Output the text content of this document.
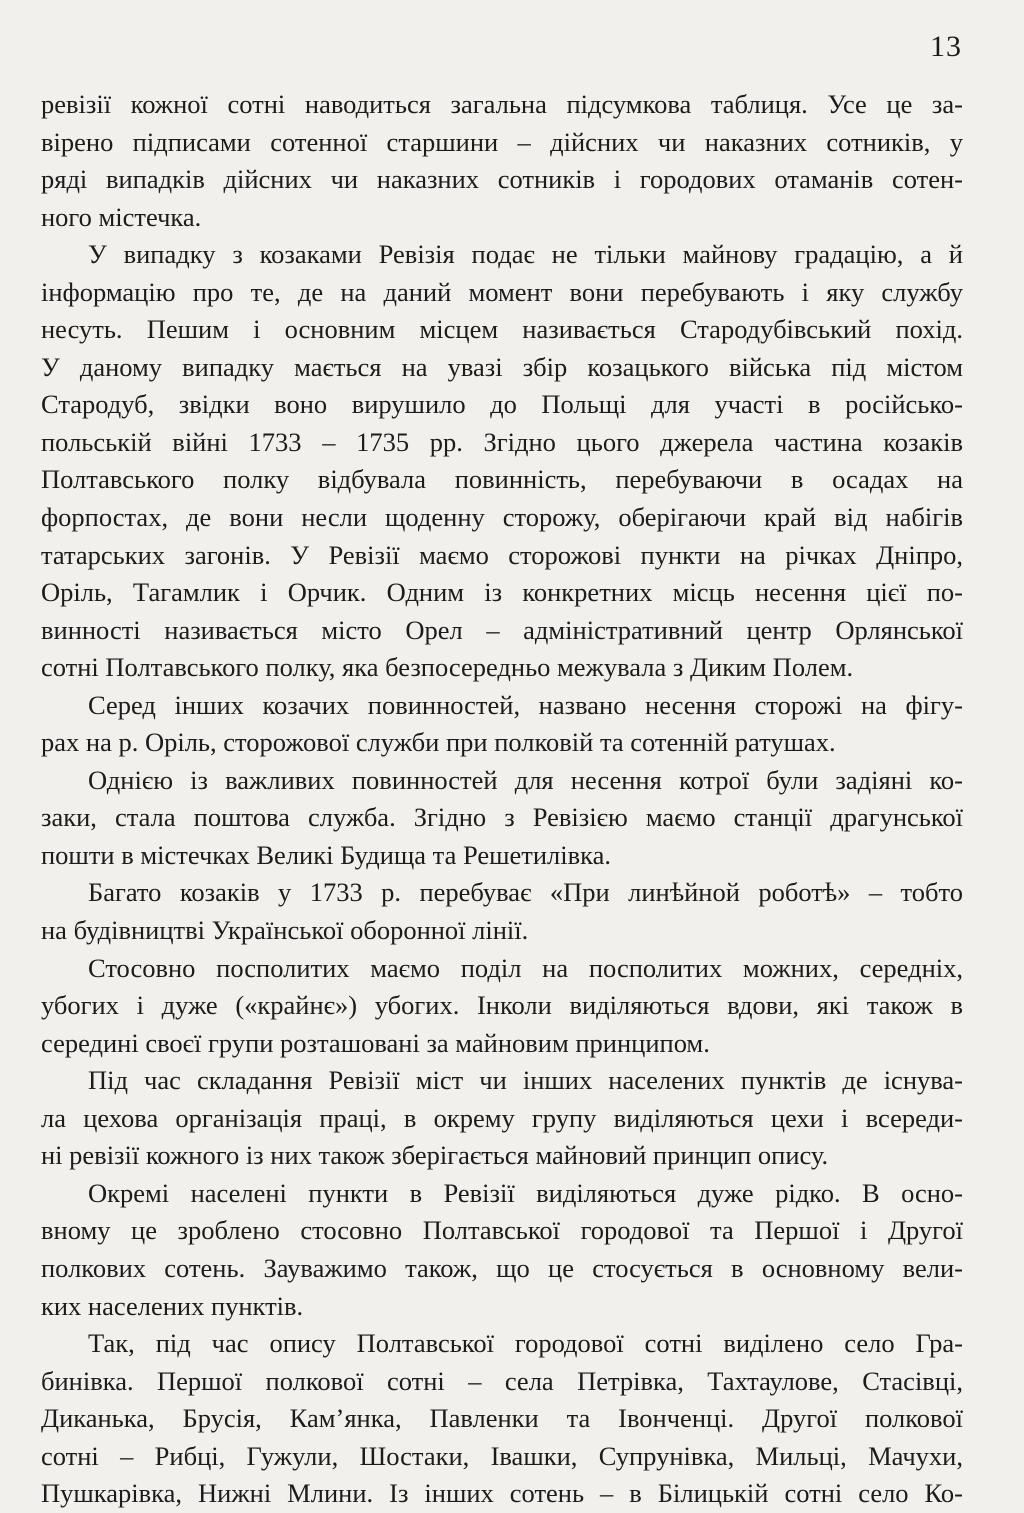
13
ревізії кожної сотні наводиться загальна підсумкова таблиця. Усе це за-
вірено підписами сотенної старшини – дійсних чи наказних сотників, у
ряді випадків дійсних чи наказних сотників і городових отаманів сотен-
ного містечка.
У випадку з козаками Ревізія подає не тільки майнову градацію, а й
інформацію про те, де на даний момент вони перебувають і яку службу
несуть. Пешим і основним місцем називається Стародубівський похід.
У даному випадку мається на увазі збір козацького війська під містом
Стародуб, звідки воно вирушило до Польщі для участі в російсько-
польській війні 1733 – 1735 рр. Згідно цього джерела частина козаків
Полтавського полку відбувала повинність, перебуваючи в осадах на
форпостах, де вони несли щоденну сторожу, оберігаючи край від набігів
татарських загонів. У Ревізії маємо сторожові пункти на річках Дніпро,
Оріль, Тагамлик і Орчик. Одним із конкретних місць несення цієї по-
винності називається місто Орел – адміністративний центр Орлянської
сотні Полтавського полку, яка безпосередньо межувала з Диким Полем.
Серед інших козачих повинностей, названо несення сторожі на фігу-
рах на р. Оріль, сторожової служби при полковій та сотенній ратушах.
Однією із важливих повинностей для несення котрої були задіяні ко-
заки, стала поштова служба. Згідно з Ревізією маємо станції драгунської
пошти в містечках Великі Будища та Решетилівка.
Багато козаків у 1733 р. перебуває «При линѣйной роботѣ» – тобто
на будівництві Української оборонної лінії.
Стосовно посполитих маємо поділ на посполитих можних, середніх,
убогих і дуже («крайнє») убогих. Інколи виділяються вдови, які також в
середині своєї групи розташовані за майновим принципом.
Під час складання Ревізії міст чи інших населених пунктів де існува-
ла цехова організація праці, в окрему групу виділяються цехи і всереди-
ні ревізії кожного із них також зберігається майновий принцип опису.
Окремі населені пункти в Ревізії виділяються дуже рідко. В осно-
вному це зроблено стосовно Полтавської городової та Першої і Другої
полкових сотень. Зауважимо також, що це стосується в основному вели-
ких населених пунктів.
Так, під час опису Полтавської городової сотні виділено село Гра-
бинівка. Першої полкової сотні – села Петрівка, Тахтаулове, Стасівці,
Диканька, Брусія, Кам’янка, Павленки та Івонченці. Другої полкової
сотні – Рибці, Гужули, Шостаки, Івашки, Супрунівка, Мильці, Мачухи,
Пушкарівка, Нижні Млини. Із інших сотень – в Білицькій сотні село Ко-
